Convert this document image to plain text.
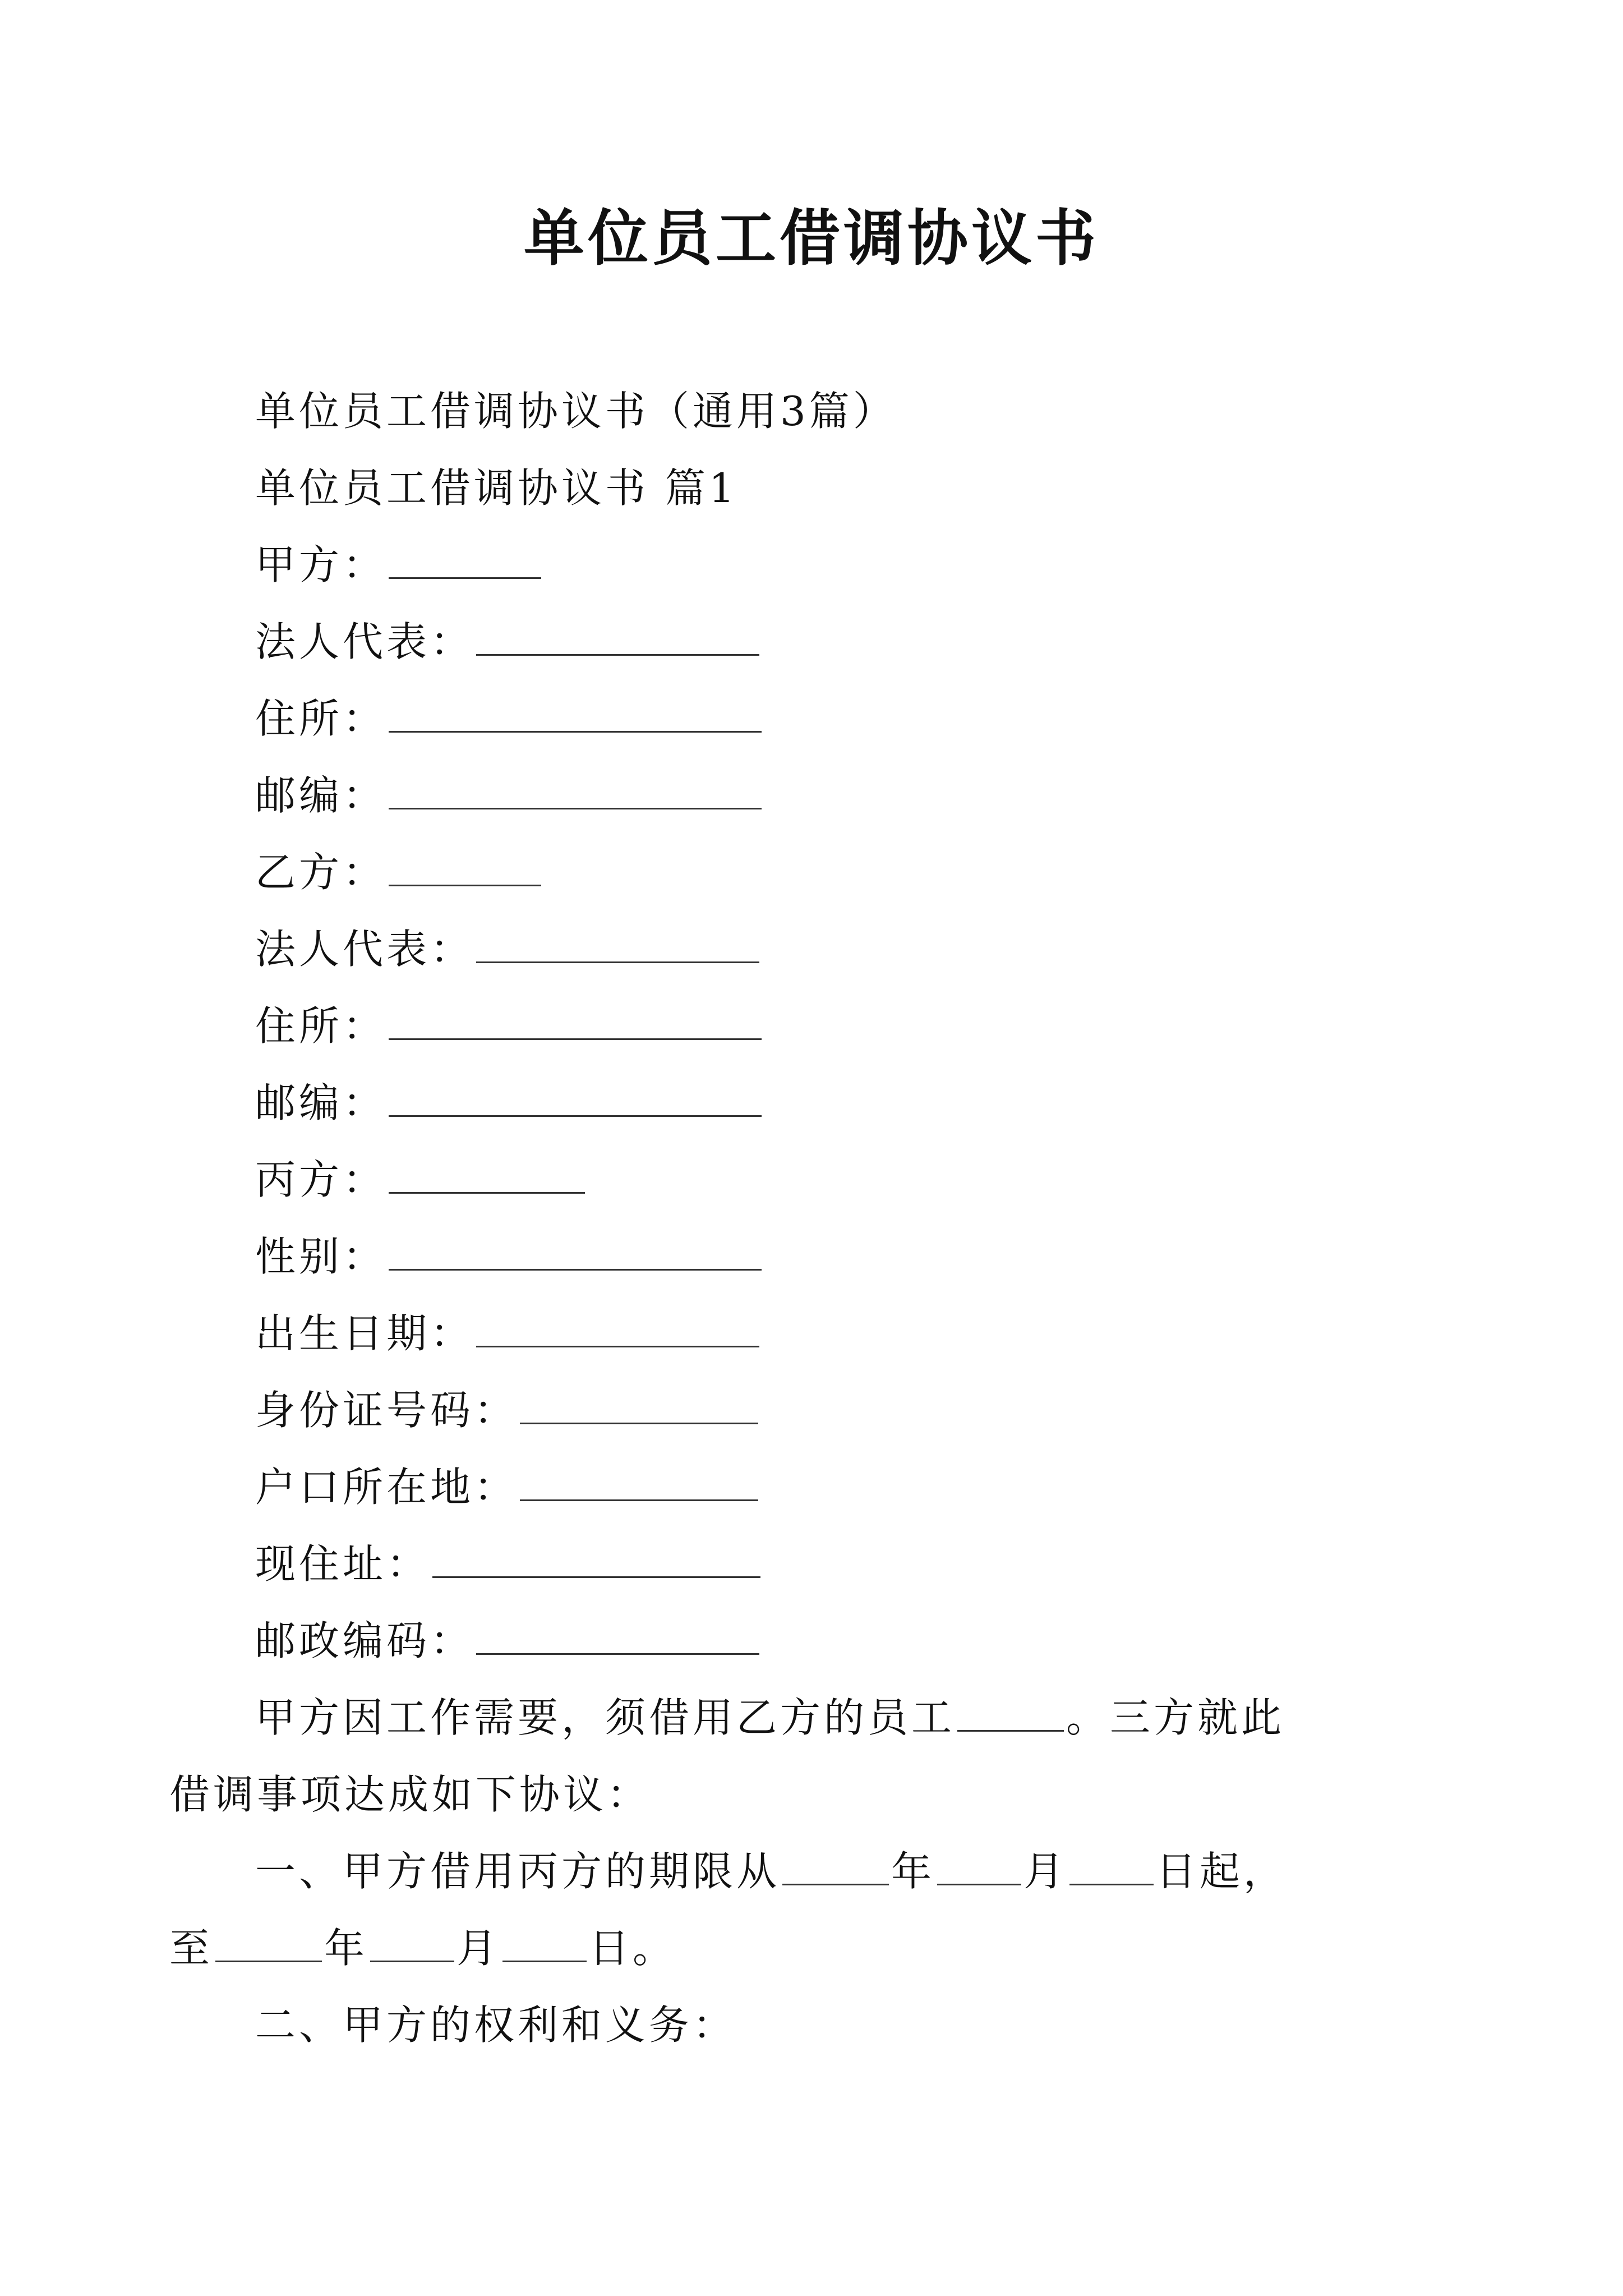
单位员工借调协议书
单位员工借调协议书（通用3篇）
单位员工借调协议书 篇1
甲方：
法人代表：
住所：
邮编：
乙方：
法人代表：
住所：
邮编：
丙方：
性别：
出生日期：
身份证号码：
户口所在地：
现住址：
邮政编码：
甲方因工作需要，须借用乙方的员工	。三方就此
借调事项达成如下协议：
一、甲方借用丙方的期限从	年 月 日起，
至	年 月 日。
二、甲方的权利和义务：
